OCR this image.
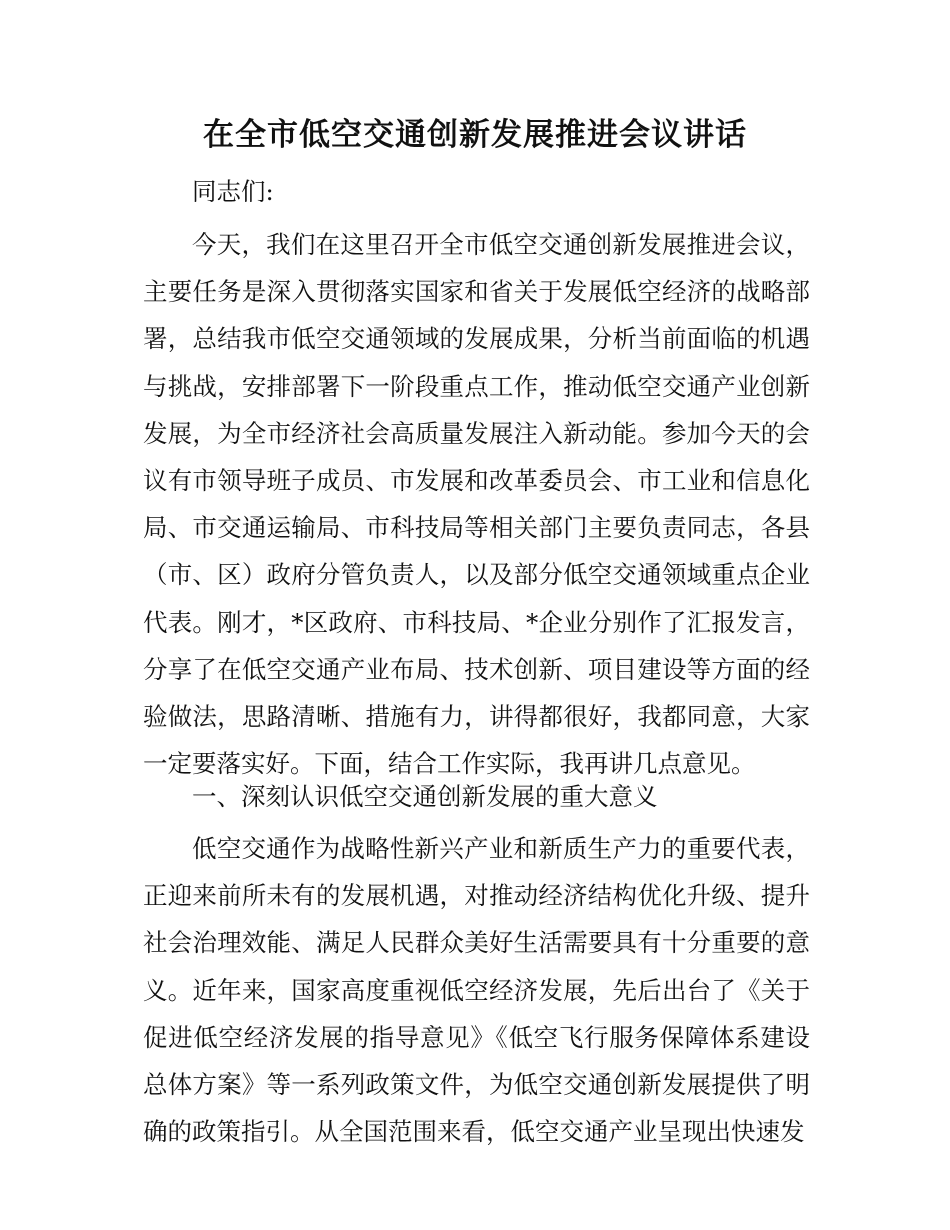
在全市低空交通创新发展推进会议讲话

同志们:

今天，我们在这里召开全市低空交通创新发展推进会议，主要任务是深入贯彻落实国家和省关于发展低空经济的战略部署，总结我市低空交通领域的发展成果，分析当前面临的机遇与挑战，安排部署下一阶段重点工作，推动低空交通产业创新发展，为全市经济社会高质量发展注入新动能。参加今天的会议有市领导班子成员、市发展和改革委员会、市工业和信息化局、市交通运输局、市科技局等相关部门主要负责同志，各县（市、区）政府分管负责人，以及部分低空交通领域重点企业代表。刚才，*区政府、市科技局、*企业分别作了汇报发言，分享了在低空交通产业布局、技术创新、项目建设等方面的经验做法，思路清晰、措施有力，讲得都很好，我都同意，大家一定要落实好。下面，结合工作实际，我再讲几点意见。

一、深刻认识低空交通创新发展的重大意义

低空交通作为战略性新兴产业和新质生产力的重要代表，正迎来前所未有的发展机遇，对推动经济结构优化升级、提升社会治理效能、满足人民群众美好生活需要具有十分重要的意义。近年来，国家高度重视低空经济发展，先后出台了《关于促进低空经济发展的指导意见》《低空飞行服务保障体系建设总体方案》等一系列政策文件，为低空交通创新发展提供了明确的政策指引。从全国范围来看，低空交通产业呈现出快速发
